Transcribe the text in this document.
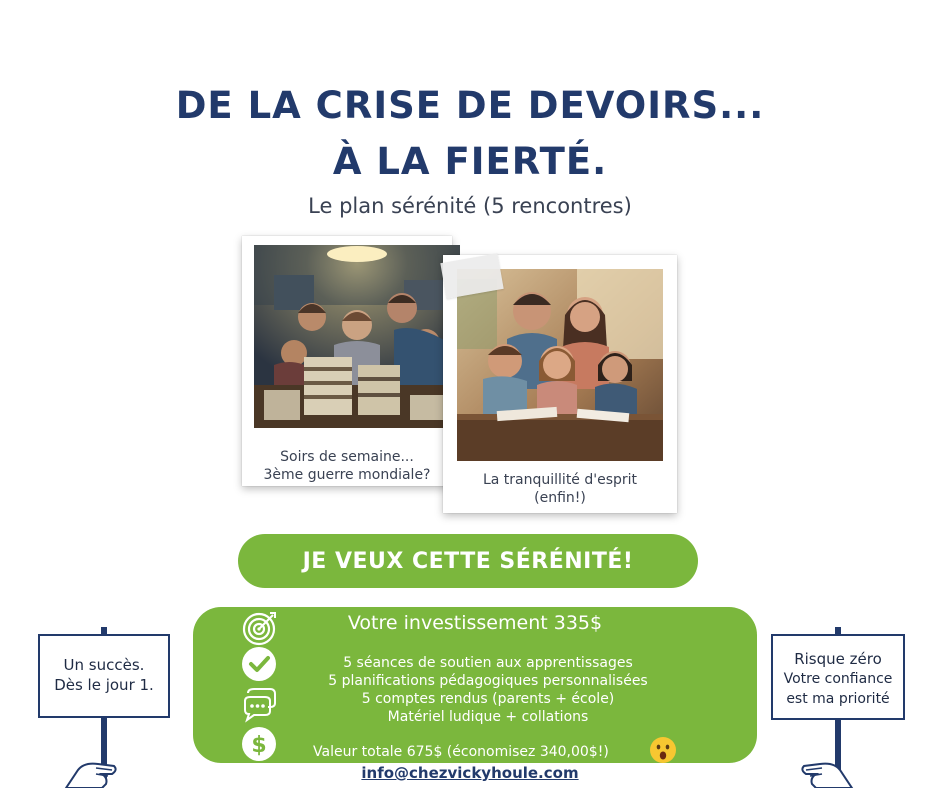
DE LA CRISE DE DEVOIRS...
À LA FIERTÉ.
Le plan sérénité (5 rencontres)
Soirs de semaine...
3ème guerre mondiale?	La tranquillité d'esprit
(enfin!)
JE VEUX CETTE SÉRÉNITÉ!
Votre investissement 335$
$
5 séances de soutien aux apprentissages
5 planifications pédagogiques personnalisées
5 comptes rendus (parents + école)
Matériel ludique + collations
Valeur totale 675$ (économisez 340,00$!)
info@chezvickyhoule.com
Un succès.
Dès le jour 1.
Risque zéro
Votre confiance
est ma priorité
